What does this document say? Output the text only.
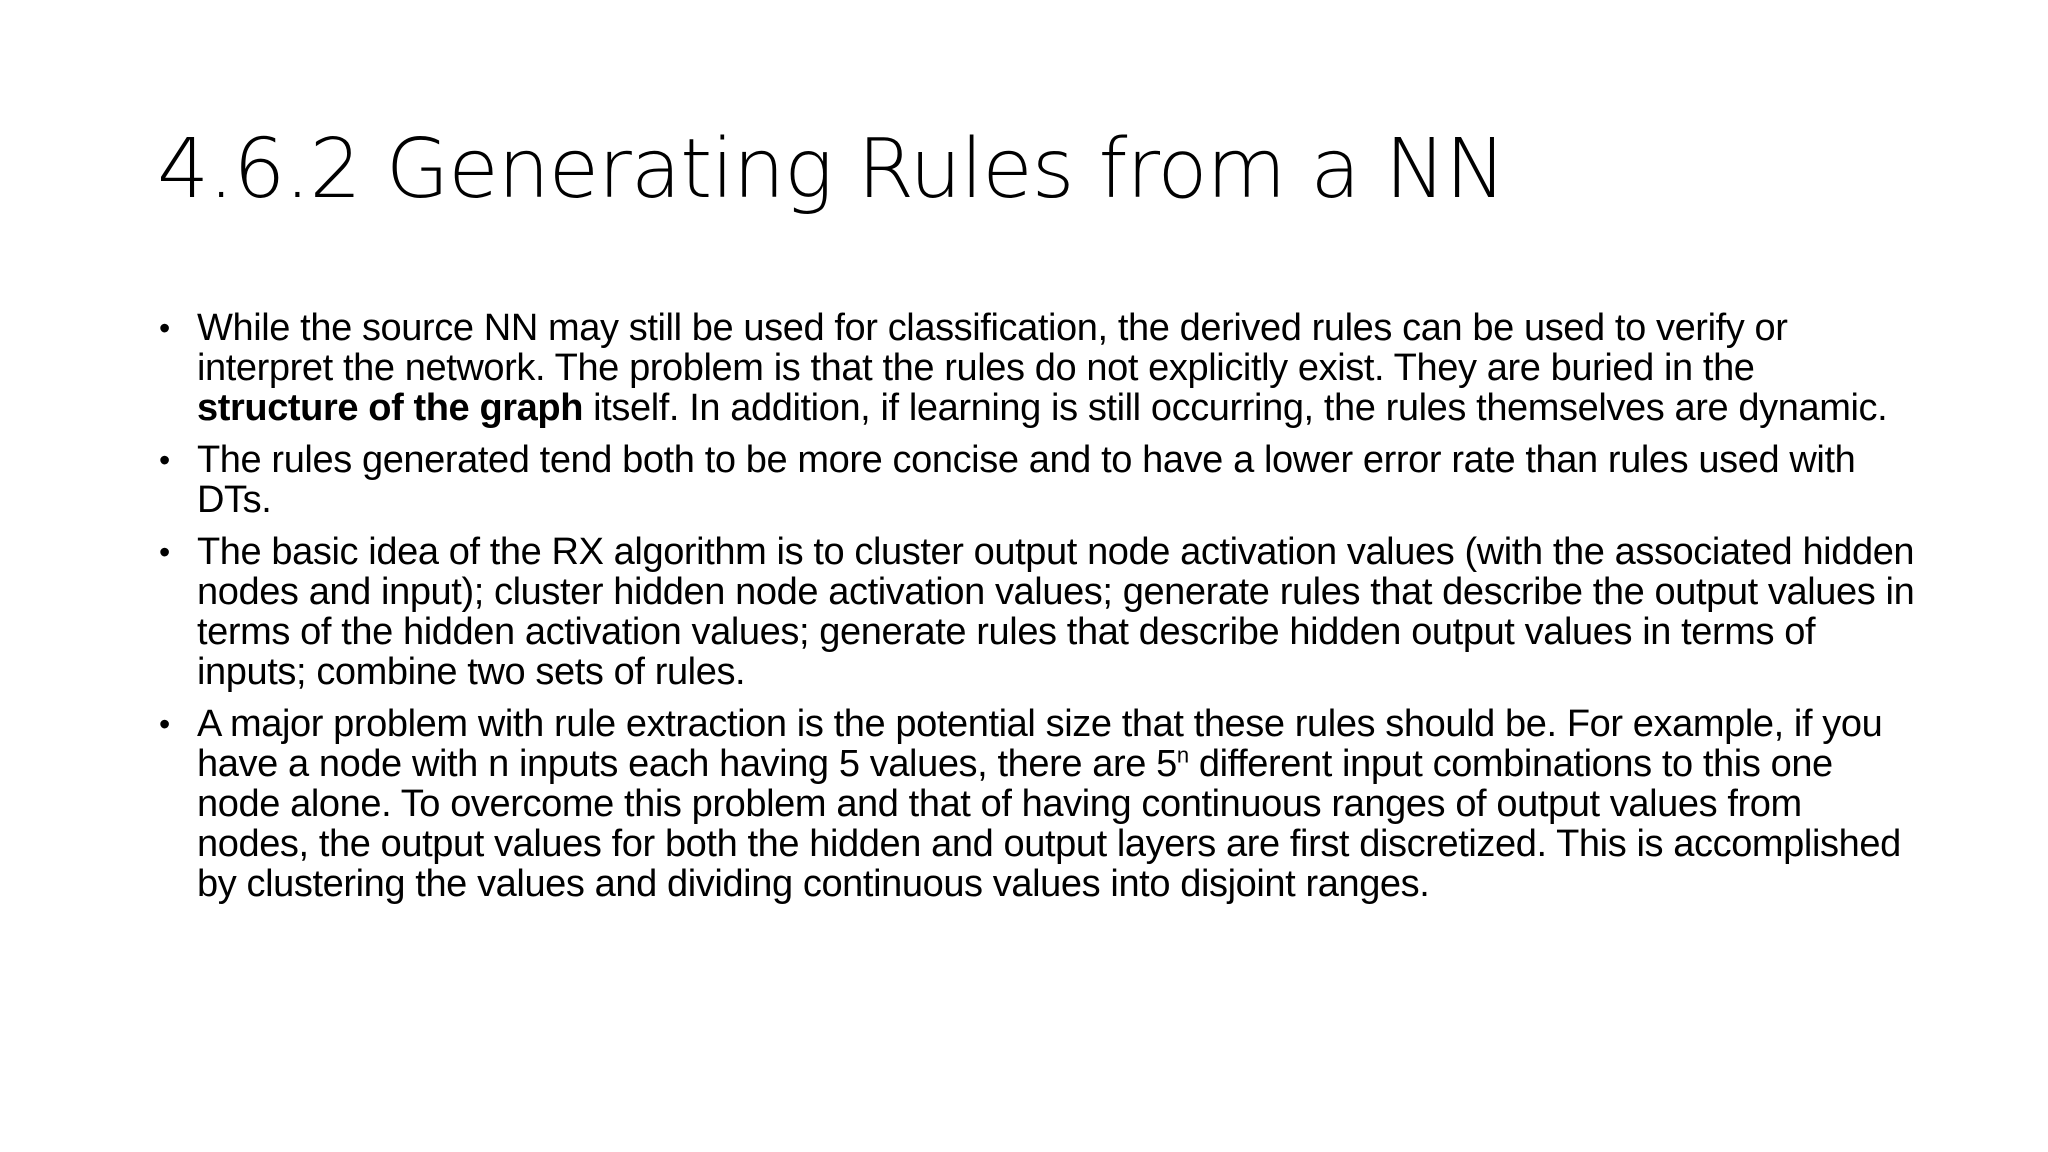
4.6.2 Generating Rules from a NN
• While the source NN may still be used for classification, the derived rules can be used to verify or interpret the network. The problem is that the rules do not explicitly exist. They are buried in the structure of the graph itself. In addition, if learning is still occurring, the rules themselves are dynamic.
• The rules generated tend both to be more concise and to have a lower error rate than rules used with DTs.
• The basic idea of the RX algorithm is to cluster output node activation values (with the associated hidden nodes and input); cluster hidden node activation values; generate rules that describe the output values in terms of the hidden activation values; generate rules that describe hidden output values in terms of inputs; combine two sets of rules.
• A major problem with rule extraction is the potential size that these rules should be. For example, if you have a node with n inputs each having 5 values, there are 5$^n$ different input combinations to this one node alone. To overcome this problem and that of having continuous ranges of output values from nodes, the output values for both the hidden and output layers are first discretized. This is accomplished by clustering the values and dividing continuous values into disjoint ranges.
